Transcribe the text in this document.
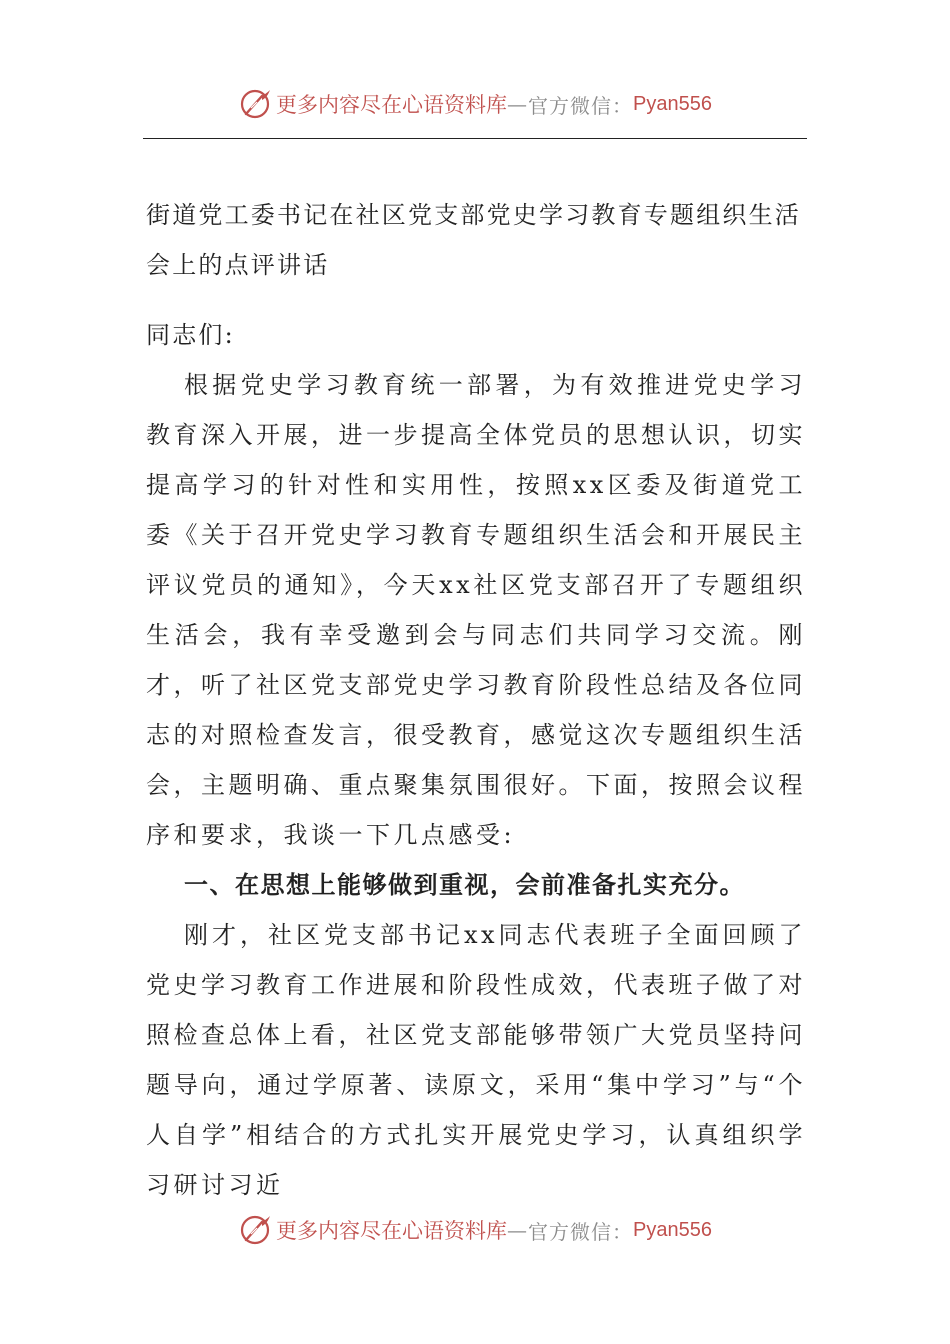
更多内容尽在心语资料库 — 官方微信： Pyan556

街道党工委书记在社区党支部党史学习教育专题组织生活会上的点评讲话

同志们:

根据党史学习教育统一部署，为有效推进党史学习教育深入开展，进一步提高全体党员的思想认识，切实提高学习的针对性和实用性，按照xx区委及街道党工委《关于召开党史学习教育专题组织生活会和开展民主评议党员的通知》，今天xx社区党支部召开了专题组织生活会，我有幸受邀到会与同志们共同学习交流。刚才，听了社区党支部党史学习教育阶段性总结及各位同志的对照检查发言，很受教育，感觉这次专题组织生活会，主题明确、重点聚集氛围很好。下面，按照会议程序和要求，我谈一下几点感受:

一、在思想上能够做到重视，会前准备扎实充分。

刚才，社区党支部书记xx同志代表班子全面回顾了党史学习教育工作进展和阶段性成效，代表班子做了对照检查总体上看，社区党支部能够带领广大党员坚持问题导向，通过学原著、读原文，采用“集中学习”与“个人自学”相结合的方式扎实开展党史学习，认真组织学习研讨习近

更多内容尽在心语资料库 — 官方微信： Pyan556
